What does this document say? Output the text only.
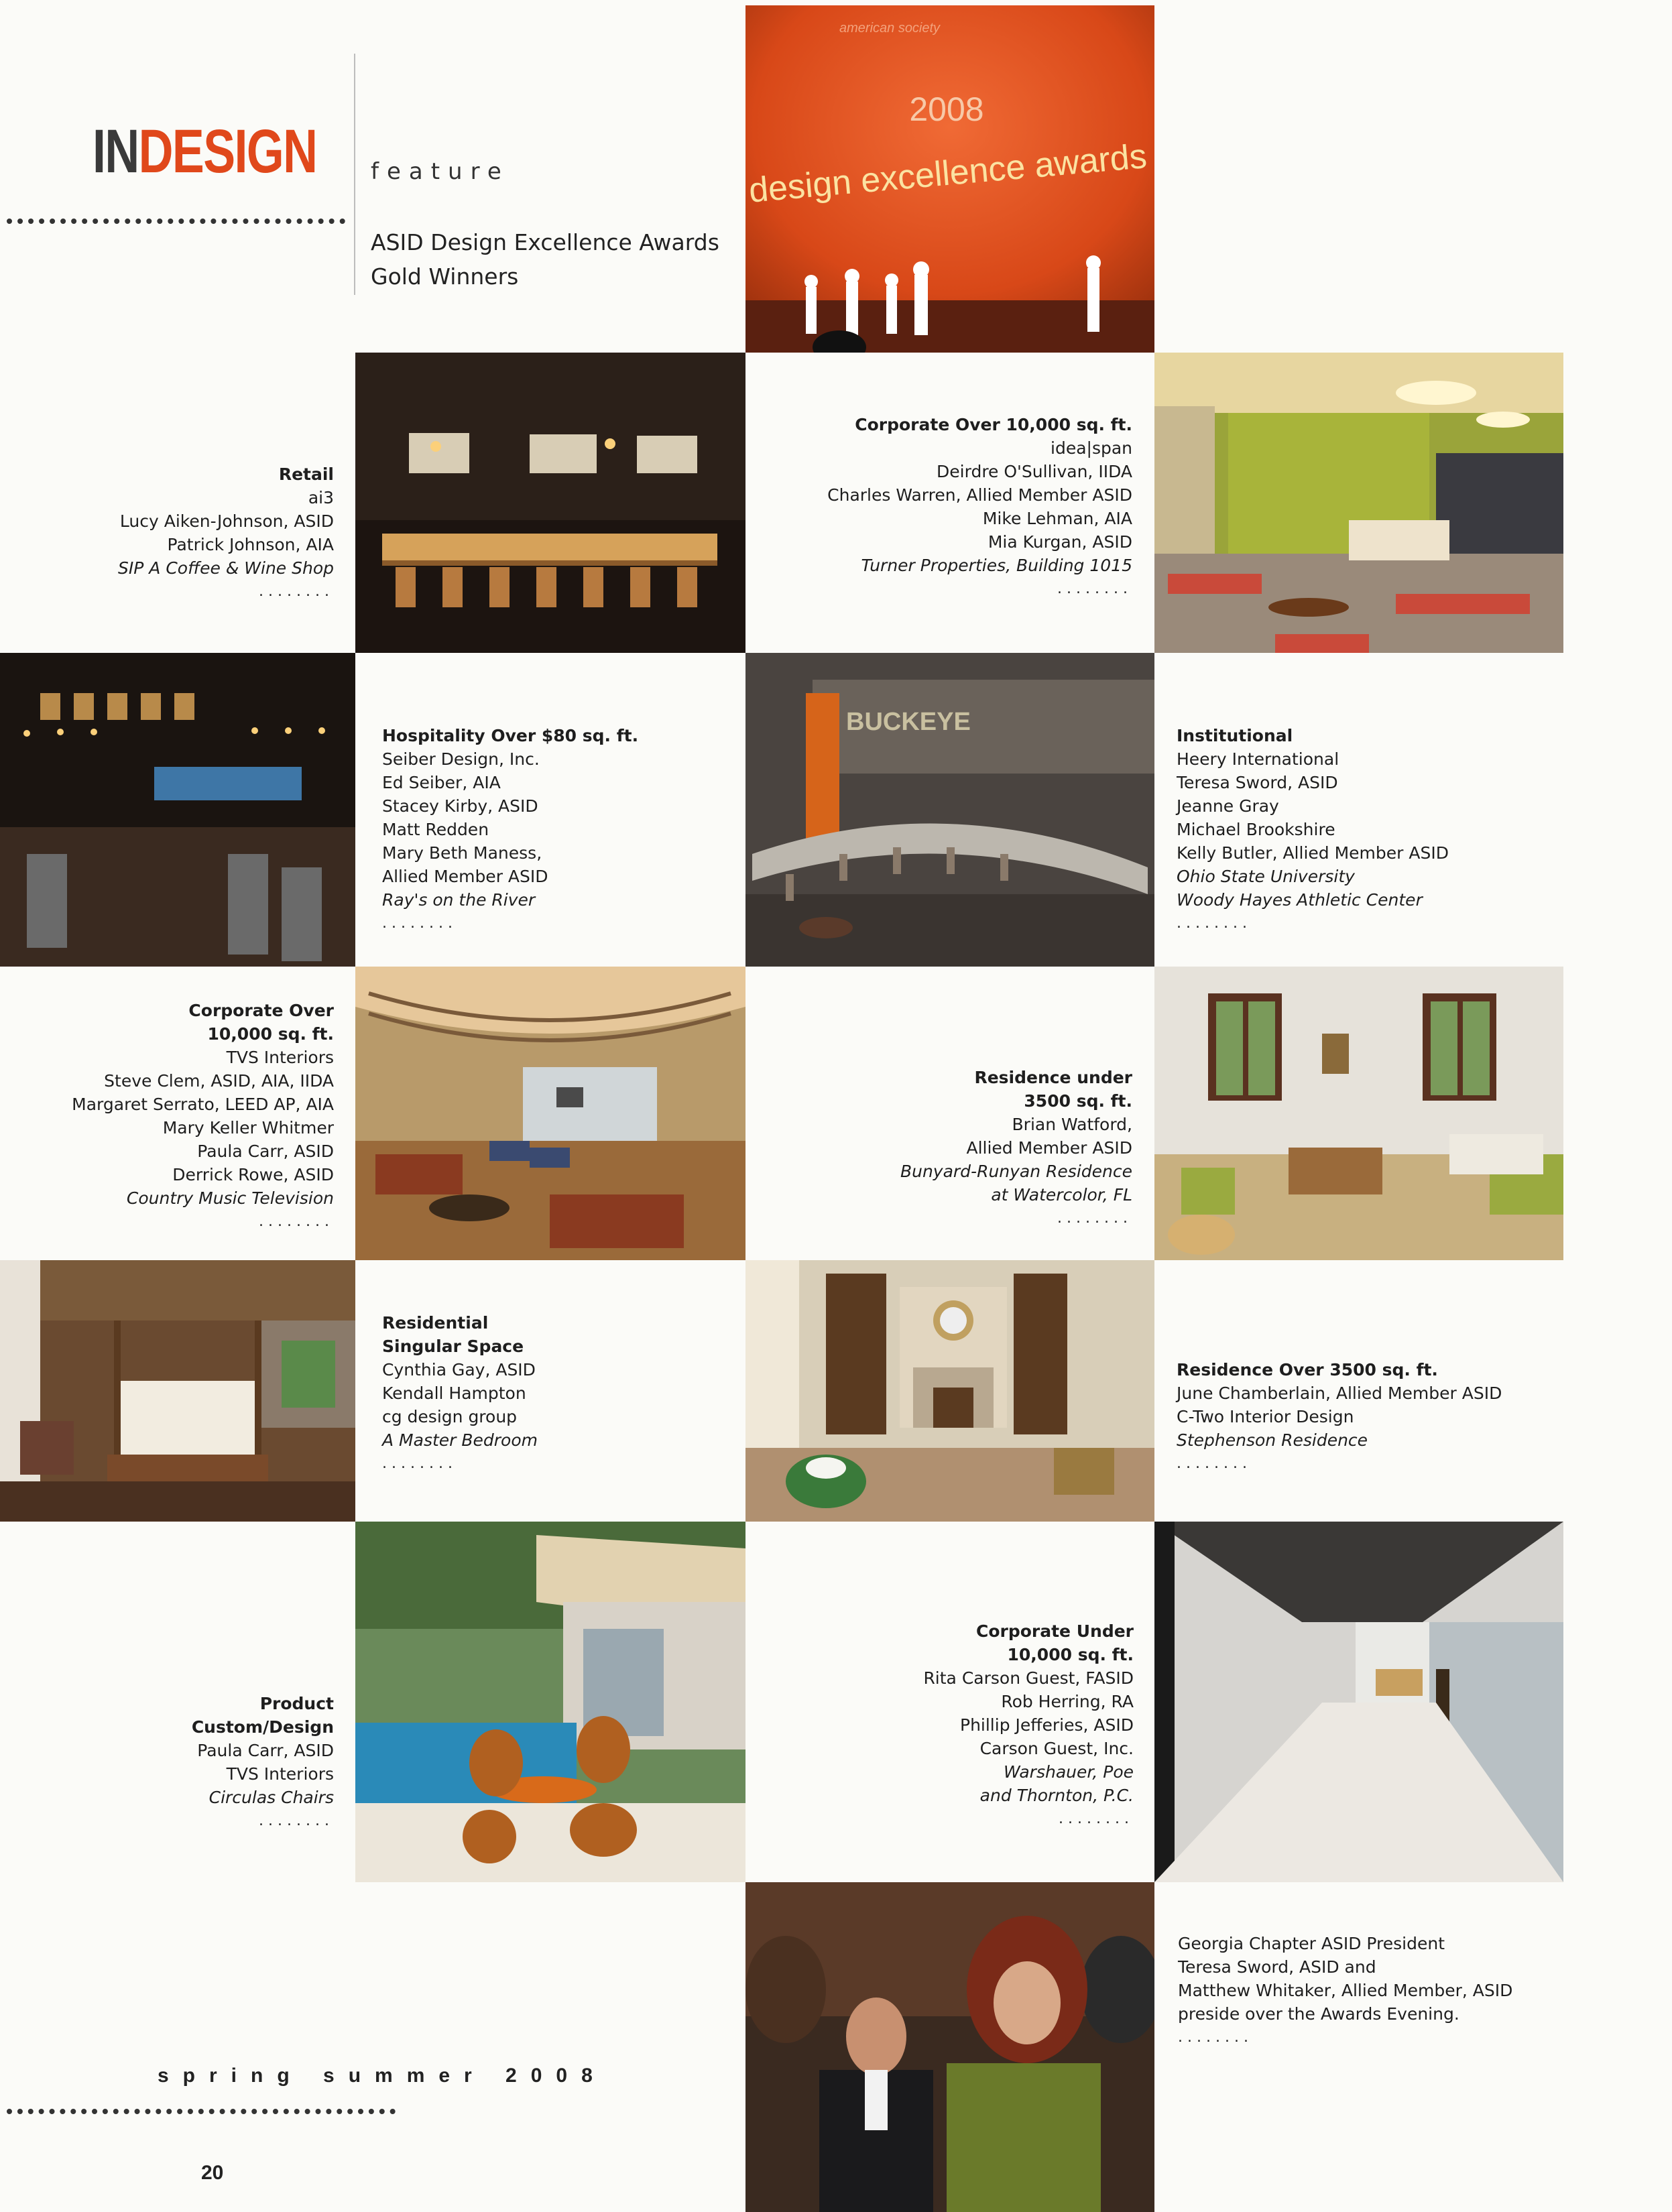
INDESIGN feature
ASID Design Excellence Awards
Gold Winners
american society
2008
design excellence awards
BUCKEYE
Retail
ai3
Lucy Aiken-Johnson, ASID
Patrick Johnson, AIA
SIP A Coffee & Wine Shop
........
Corporate Over 10,000 sq. ft.
idea|span
Deirdre O'Sullivan, IIDA
Charles Warren, Allied Member ASID
Mike Lehman, AIA
Mia Kurgan, ASID
Turner Properties, Building 1015
........
Hospitality Over $80 sq. ft.
Seiber Design, Inc.
Ed Seiber, AIA
Stacey Kirby, ASID
Matt Redden
Mary Beth Maness,
Allied Member ASID
Ray's on the River
........
Institutional
Heery International
Teresa Sword, ASID
Jeanne Gray
Michael Brookshire
Kelly Butler, Allied Member ASID
Ohio State University
Woody Hayes Athletic Center
........
Corporate Over
10,000 sq. ft.
TVS Interiors
Steve Clem, ASID, AIA, IIDA
Margaret Serrato, LEED AP, AIA
Mary Keller Whitmer
Paula Carr, ASID
Derrick Rowe, ASID
Country Music Television
........
Residence under
3500 sq. ft.
Brian Watford,
Allied Member ASID
Bunyard-Runyan Residence
at Watercolor, FL
........
Residential
Singular Space
Cynthia Gay, ASID
Kendall Hampton
cg design group
A Master Bedroom
........
Residence Over 3500 sq. ft.
June Chamberlain, Allied Member ASID
C-Two Interior Design
Stephenson Residence
........
Product
Custom/Design
Paula Carr, ASID
TVS Interiors
Circulas Chairs
........
Corporate Under
10,000 sq. ft.
Rita Carson Guest, FASID
Rob Herring, RA
Phillip Jefferies, ASID
Carson Guest, Inc.
Warshauer, Poe
and Thornton, P.C.
........
Georgia Chapter ASID President
Teresa Sword, ASID and
Matthew Whitaker, Allied Member, ASID
preside over the Awards Evening.
........
spring summer 2008
20
